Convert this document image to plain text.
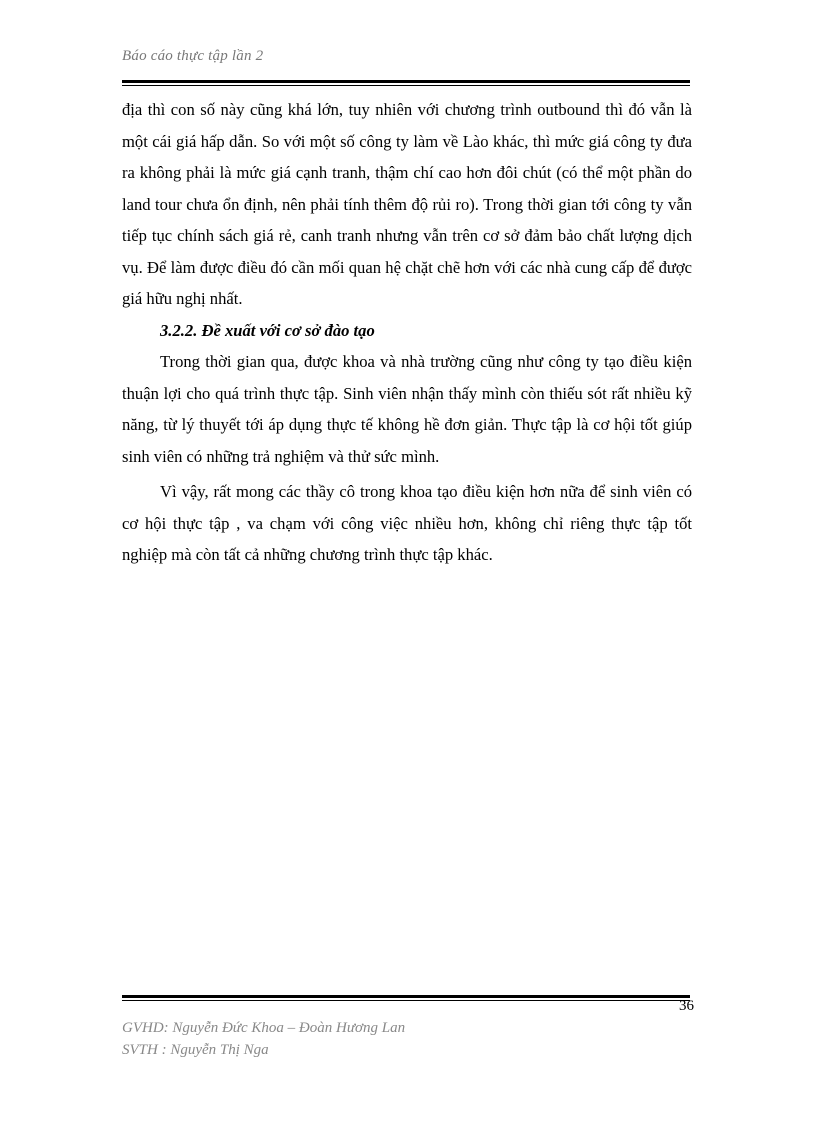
Báo cáo thực tập lần 2

địa thì con số này cũng khá lớn, tuy nhiên với chương trình outbound thì đó vẫn là một cái giá hấp dẫn. So với một số công ty làm về Lào khác, thì mức giá công ty đưa ra không phải là mức giá cạnh tranh, thậm chí cao hơn đôi chút (có thể một phần do land tour chưa ổn định, nên phải tính thêm độ rủi ro). Trong thời gian tới công ty vẫn tiếp tục chính sách giá rẻ, canh tranh nhưng vẫn trên cơ sở đảm bảo chất lượng dịch vụ. Để làm được điều đó cần mối quan hệ chặt chẽ hơn với các nhà cung cấp để được giá hữu nghị nhất.

3.2.2. Đề xuất với cơ sở đào tạo

Trong thời gian qua, được khoa và nhà trường cũng như công ty tạo điều kiện thuận lợi cho quá trình thực tập. Sinh viên nhận thấy mình còn thiếu sót rất nhiều kỹ năng, từ lý thuyết tới áp dụng thực tế không hề đơn giản. Thực tập là cơ hội tốt giúp sinh viên có những trả nghiệm và thử sức mình.

Vì vậy, rất mong các thầy cô trong khoa tạo điều kiện hơn nữa để sinh viên có cơ hội thực tập , va chạm với công việc nhiều hơn, không chỉ riêng thực tập tốt nghiệp mà còn tất cả những chương trình thực tập khác.

36
GVHD: Nguyễn Đức Khoa – Đoàn Hương Lan
SVTH : Nguyễn Thị Nga
